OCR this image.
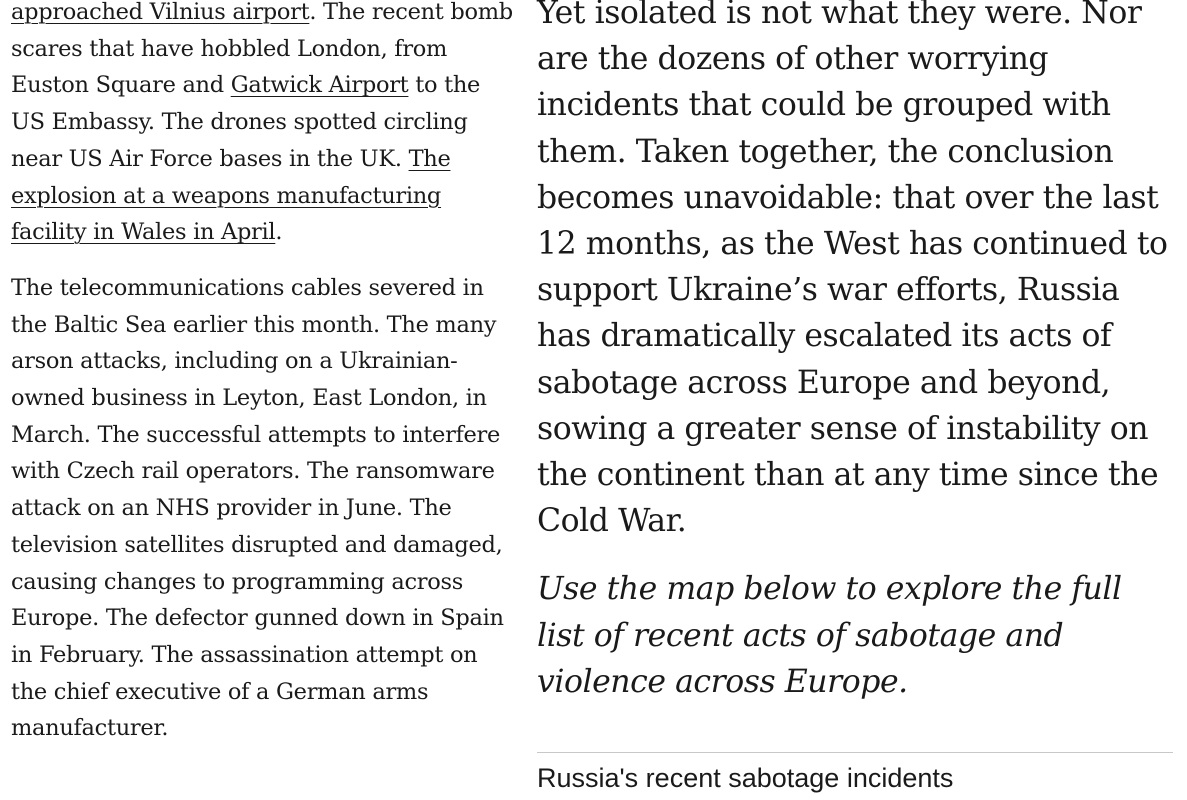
approached Vilnius airport. The recent bomb scares that have hobbled London, from Euston Square and Gatwick Airport to the US Embassy. The drones spotted circling near US Air Force bases in the UK. The explosion at a weapons manufacturing facility in Wales in April.

The telecommunications cables severed in the Baltic Sea earlier this month. The many arson attacks, including on a Ukrainian-owned business in Leyton, East London, in March. The successful attempts to interfere with Czech rail operators. The ransomware attack on an NHS provider in June. The television satellites disrupted and damaged, causing changes to programming across Europe. The defector gunned down in Spain in February. The assassination attempt on the chief executive of a German arms manufacturer.

Yet isolated is not what they were. Nor are the dozens of other worrying incidents that could be grouped with them. Taken together, the conclusion becomes unavoidable: that over the last 12 months, as the West has continued to support Ukraine’s war efforts, Russia has dramatically escalated its acts of sabotage across Europe and beyond, sowing a greater sense of instability on the continent than at any time since the Cold War.

Use the map below to explore the full list of recent acts of sabotage and violence across Europe.

Russia's recent sabotage incidents
